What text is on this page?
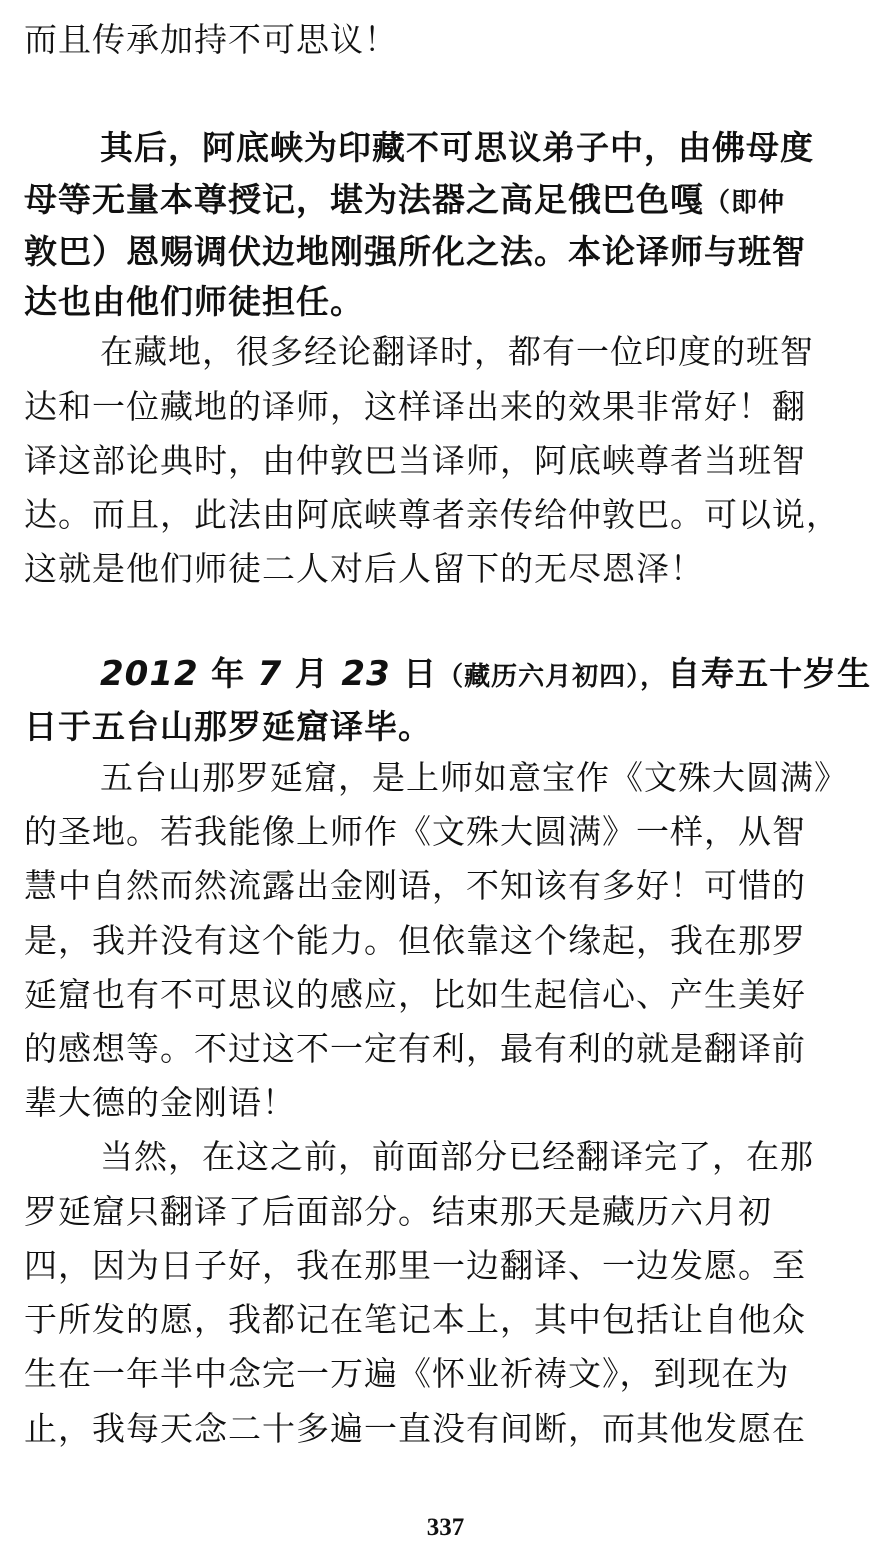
而且传承加持不可思议！
其后，阿底峡为印藏不可思议弟子中，由佛母度
母等无量本尊授记，堪为法器之高足俄巴色嘎（即仲
敦巴）恩赐调伏边地刚强所化之法。本论译师与班智
达也由他们师徒担任。
在藏地，很多经论翻译时，都有一位印度的班智
达和一位藏地的译师，这样译出来的效果非常好！翻
译这部论典时，由仲敦巴当译师，阿底峡尊者当班智
达。而且，此法由阿底峡尊者亲传给仲敦巴。可以说，
这就是他们师徒二人对后人留下的无尽恩泽！
2012 年 7 月 23 日（藏历六月初四），自寿五十岁生
日于五台山那罗延窟译毕。
五台山那罗延窟，是上师如意宝作《文殊大圆满》
的圣地。若我能像上师作《文殊大圆满》一样，从智
慧中自然而然流露出金刚语，不知该有多好！可惜的
是，我并没有这个能力。但依靠这个缘起，我在那罗
延窟也有不可思议的感应，比如生起信心、产生美好
的感想等。不过这不一定有利，最有利的就是翻译前
辈大德的金刚语！
当然，在这之前，前面部分已经翻译完了，在那
罗延窟只翻译了后面部分。结束那天是藏历六月初
四，因为日子好，我在那里一边翻译、一边发愿。至
于所发的愿，我都记在笔记本上，其中包括让自他众
生在一年半中念完一万遍《怀业祈祷文》，到现在为
止，我每天念二十多遍一直没有间断，而其他发愿在
337
